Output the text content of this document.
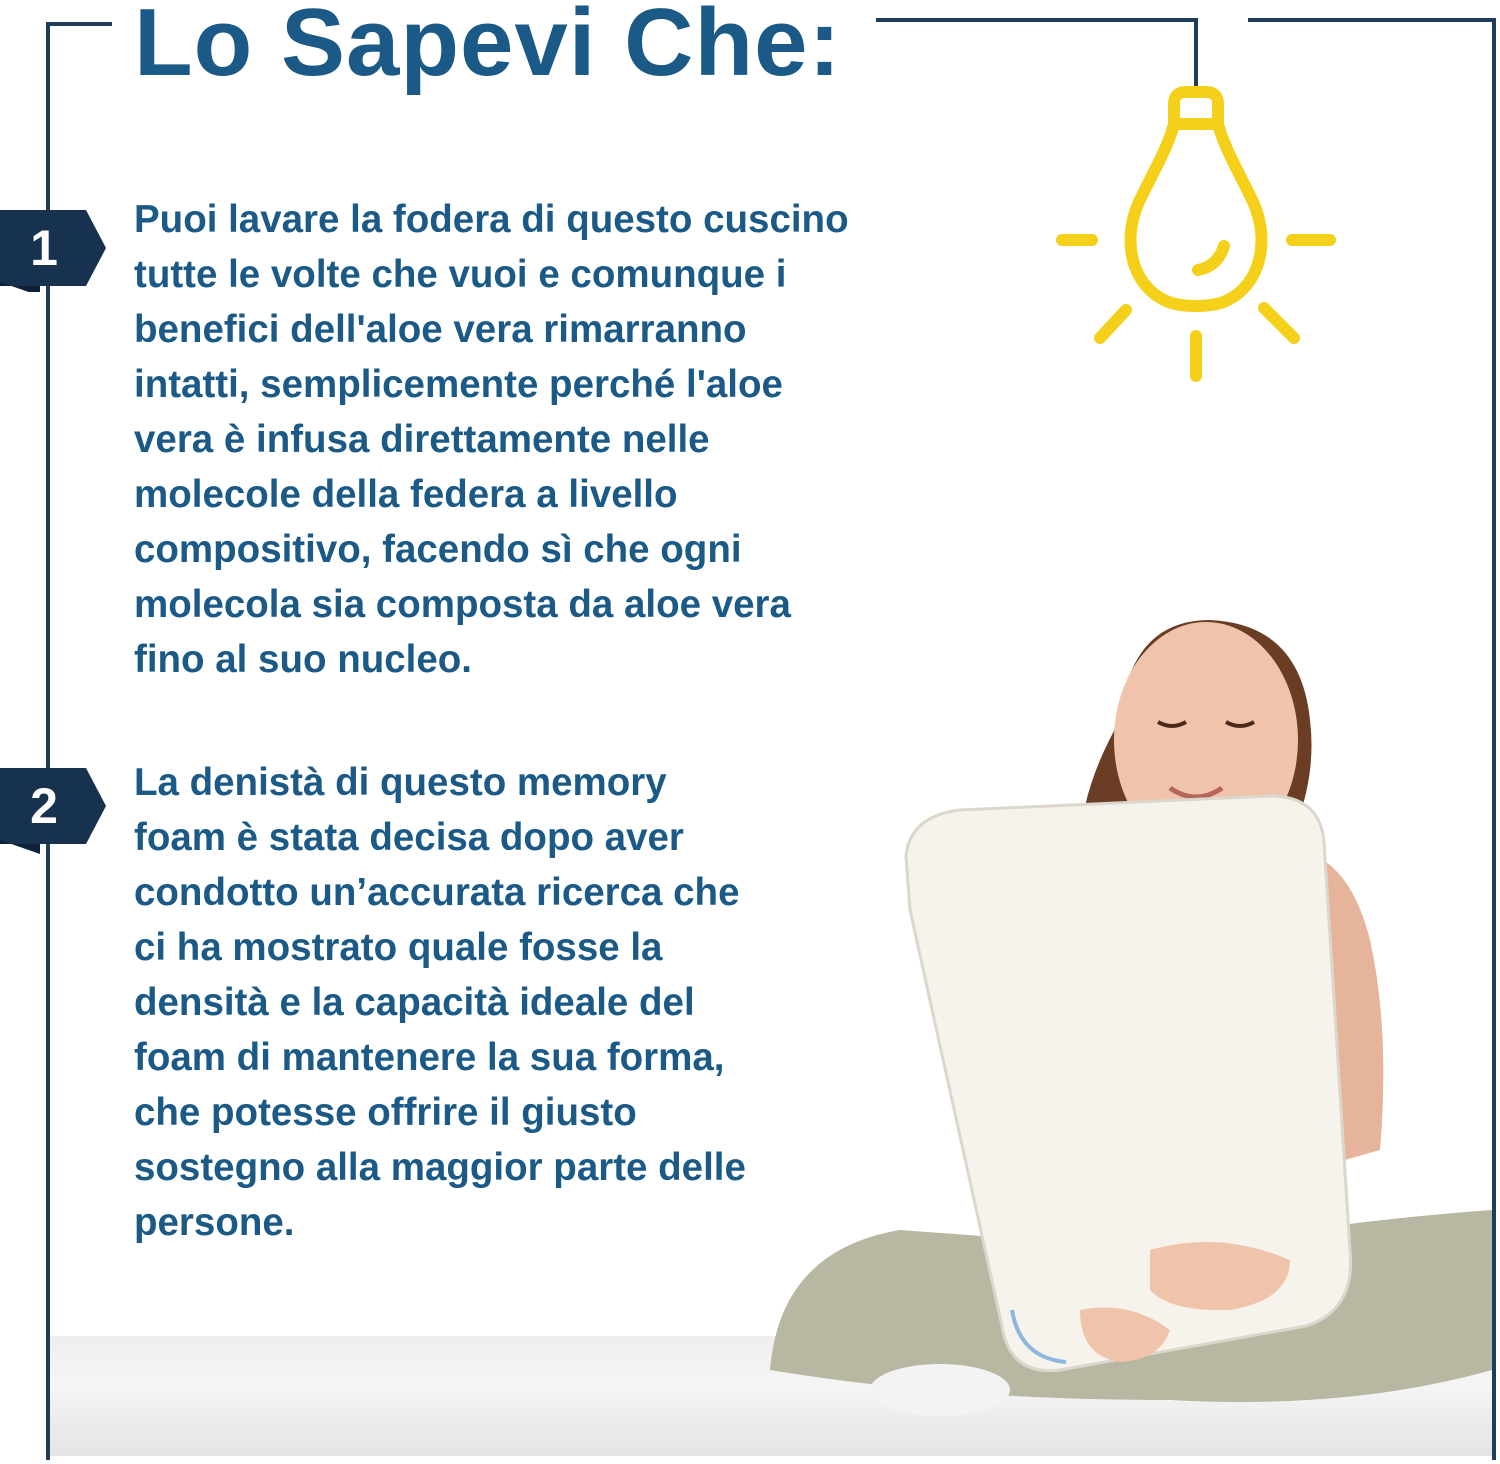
Lo Sapevi Che:
1
2
Puoi lavare la fodera di questo cuscino
tutte le volte che vuoi e comunque i
benefici dell'aloe vera rimarranno
intatti, semplicemente perché l'aloe
vera è infusa direttamente nelle
molecole della federa a livello
compositivo, facendo sì che ogni
molecola sia composta da aloe vera
fino al suo nucleo.
La denistà di questo memory
foam è stata decisa dopo aver
condotto un’accurata ricerca che
ci ha mostrato quale fosse la
densità e la capacità ideale del
foam di mantenere la sua forma,
che potesse offrire il giusto
sostegno alla maggior parte delle
persone.
